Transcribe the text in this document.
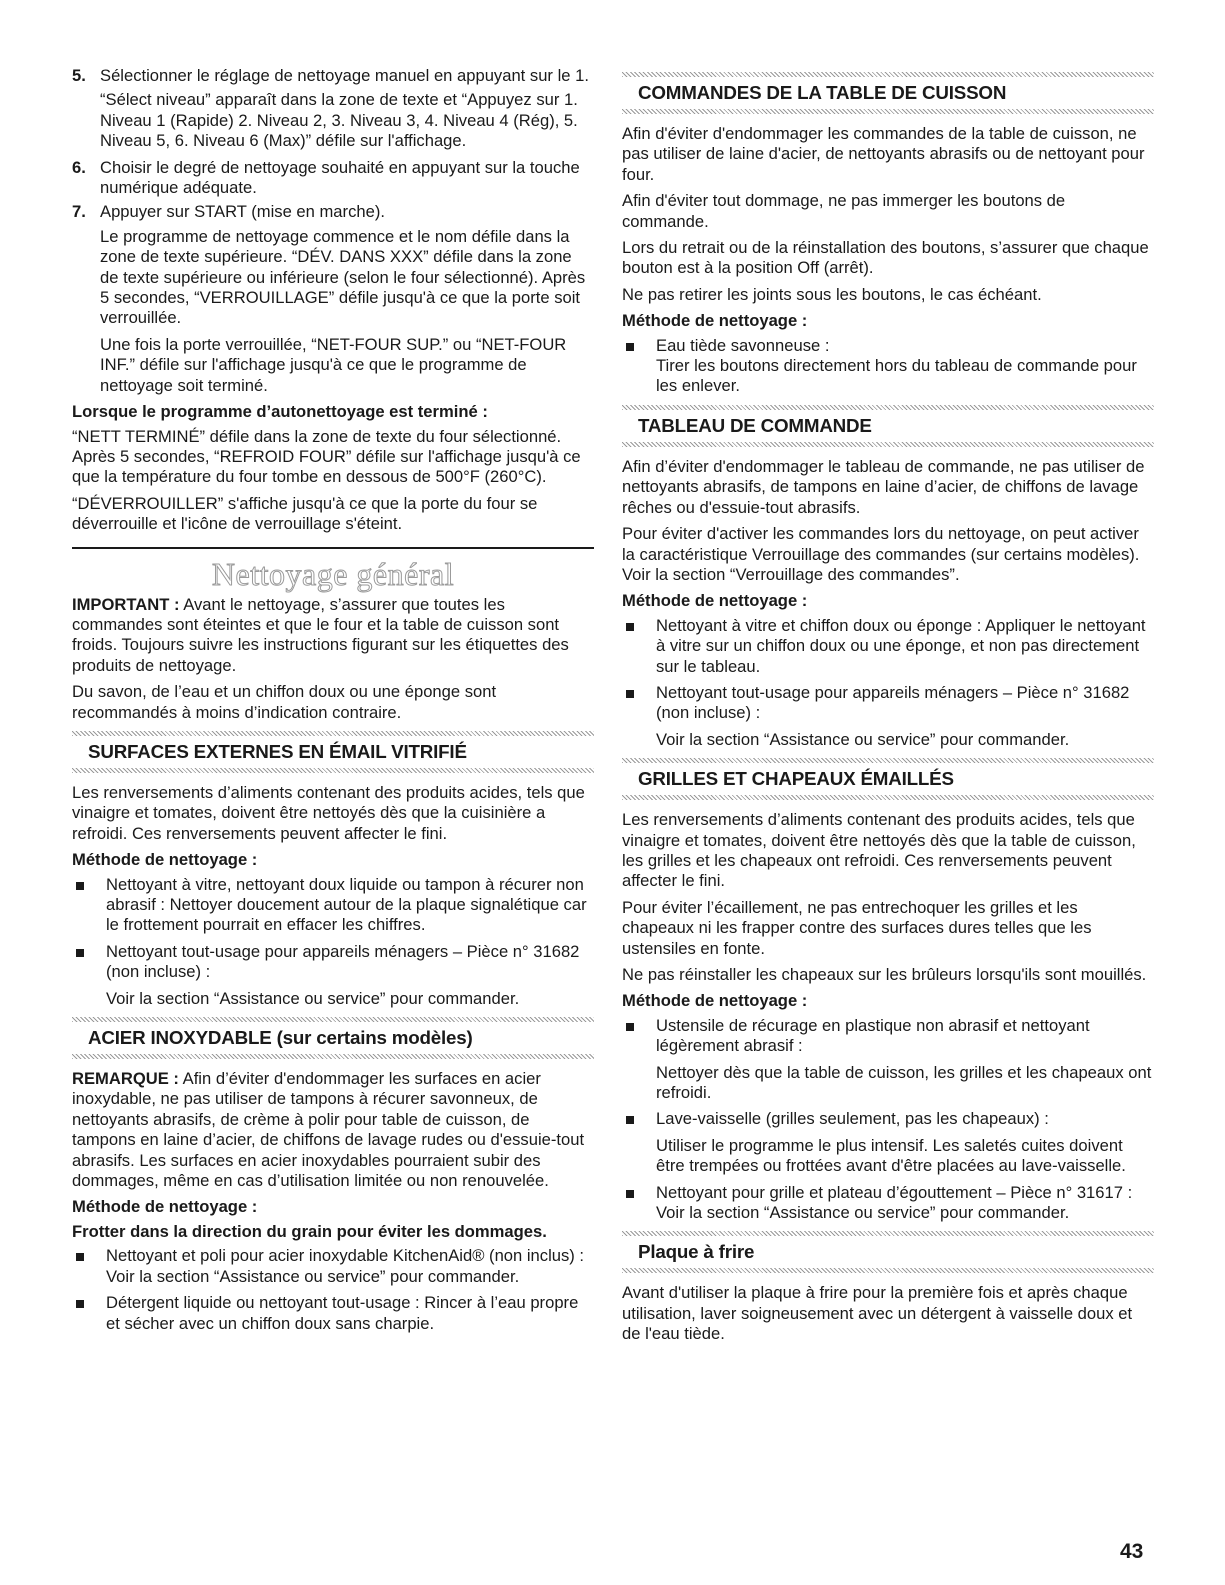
5. Sélectionner le réglage de nettoyage manuel en appuyant sur le 1.

“Sélect niveau” apparaît dans la zone de texte et “Appuyez sur 1. Niveau 1 (Rapide) 2. Niveau 2, 3. Niveau 3, 4. Niveau 4 (Rég), 5. Niveau 5, 6. Niveau 6 (Max)” défile sur l'affichage.

6. Choisir le degré de nettoyage souhaité en appuyant sur la touche numérique adéquate.
7. Appuyer sur START (mise en marche).

Le programme de nettoyage commence et le nom défile dans la zone de texte supérieure. “DÉV. DANS XXX” défile dans la zone de texte supérieure ou inférieure (selon le four sélectionné). Après 5 secondes, “VERROUILLAGE” défile jusqu'à ce que la porte soit verrouillée.

Une fois la porte verrouillée, “NET-FOUR SUP.” ou “NET-FOUR INF.” défile sur l'affichage jusqu'à ce que le programme de nettoyage soit terminé.

Lorsque le programme d’autonettoyage est terminé :

“NETT TERMINÉ” défile dans la zone de texte du four sélectionné. Après 5 secondes, “REFROID FOUR” défile sur l'affichage jusqu'à ce que la température du four tombe en dessous de 500°F (260°C).

“DÉVERROUILLER” s'affiche jusqu'à ce que la porte du four se déverrouille et l'icône de verrouillage s'éteint.

Nettoyage général

IMPORTANT : Avant le nettoyage, s’assurer que toutes les commandes sont éteintes et que le four et la table de cuisson sont froids. Toujours suivre les instructions figurant sur les étiquettes des produits de nettoyage.

Du savon, de l’eau et un chiffon doux ou une éponge sont recommandés à moins d’indication contraire.

SURFACES EXTERNES EN ÉMAIL VITRIFIÉ

Les renversements d’aliments contenant des produits acides, tels que vinaigre et tomates, doivent être nettoyés dès que la cuisinière a refroidi. Ces renversements peuvent affecter le fini.

Méthode de nettoyage :
Nettoyant à vitre, nettoyant doux liquide ou tampon à récurer non abrasif : Nettoyer doucement autour de la plaque signalétique car le frottement pourrait en effacer les chiffres.
Nettoyant tout-usage pour appareils ménagers – Pièce n° 31682 (non incluse) :

Voir la section “Assistance ou service” pour commander.

ACIER INOXYDABLE (sur certains modèles)

REMARQUE : Afin d’éviter d'endommager les surfaces en acier inoxydable, ne pas utiliser de tampons à récurer savonneux, de nettoyants abrasifs, de crème à polir pour table de cuisson, de tampons en laine d’acier, de chiffons de lavage rudes ou d'essuie-tout abrasifs. Les surfaces en acier inoxydables pourraient subir des dommages, même en cas d’utilisation limitée ou non renouvelée.

Méthode de nettoyage :
Frotter dans la direction du grain pour éviter les dommages.

Nettoyant et poli pour acier inoxydable KitchenAid® (non inclus) :

Voir la section “Assistance ou service” pour commander.

Détergent liquide ou nettoyant tout-usage : Rincer à l’eau propre et sécher avec un chiffon doux sans charpie.
COMMANDES DE LA TABLE DE CUISSON

Afin d'éviter d'endommager les commandes de la table de cuisson, ne pas utiliser de laine d'acier, de nettoyants abrasifs ou de nettoyant pour four.

Afin d'éviter tout dommage, ne pas immerger les boutons de commande.

Lors du retrait ou de la réinstallation des boutons, s’assurer que chaque bouton est à la position Off (arrêt).

Ne pas retirer les joints sous les boutons, le cas échéant.

Méthode de nettoyage :

Eau tiède savonneuse :

Tirer les boutons directement hors du tableau de commande pour les enlever.

TABLEAU DE COMMANDE

Afin d’éviter d'endommager le tableau de commande, ne pas utiliser de nettoyants abrasifs, de tampons en laine d’acier, de chiffons de lavage rêches ou d'essuie-tout abrasifs.

Pour éviter d'activer les commandes lors du nettoyage, on peut activer la caractéristique Verrouillage des commandes (sur certains modèles). Voir la section “Verrouillage des commandes”.

Méthode de nettoyage :
Nettoyant à vitre et chiffon doux ou éponge : Appliquer le nettoyant à vitre sur un chiffon doux ou une éponge, et non pas directement sur le tableau.
Nettoyant tout-usage pour appareils ménagers – Pièce n° 31682 (non incluse) :

Voir la section “Assistance ou service” pour commander.

GRILLES ET CHAPEAUX ÉMAILLÉS

Les renversements d’aliments contenant des produits acides, tels que vinaigre et tomates, doivent être nettoyés dès que la table de cuisson, les grilles et les chapeaux ont refroidi. Ces renversements peuvent affecter le fini.

Pour éviter l’écaillement, ne pas entrechoquer les grilles et les chapeaux ni les frapper contre des surfaces dures telles que les ustensiles en fonte.

Ne pas réinstaller les chapeaux sur les brûleurs lorsqu'ils sont mouillés.

Méthode de nettoyage :
Ustensile de récurage en plastique non abrasif et nettoyant légèrement abrasif :

Nettoyer dès que la table de cuisson, les grilles et les chapeaux ont refroidi.

Lave-vaisselle (grilles seulement, pas les chapeaux) :

Utiliser le programme le plus intensif. Les saletés cuites doivent être trempées ou frottées avant d'être placées au lave-vaisselle.

Nettoyant pour grille et plateau d’égouttement – Pièce n° 31617 :

Voir la section “Assistance ou service” pour commander.

Plaque à frire

Avant d'utiliser la plaque à frire pour la première fois et après chaque utilisation, laver soigneusement avec un détergent à vaisselle doux et de l'eau tiède.

43
